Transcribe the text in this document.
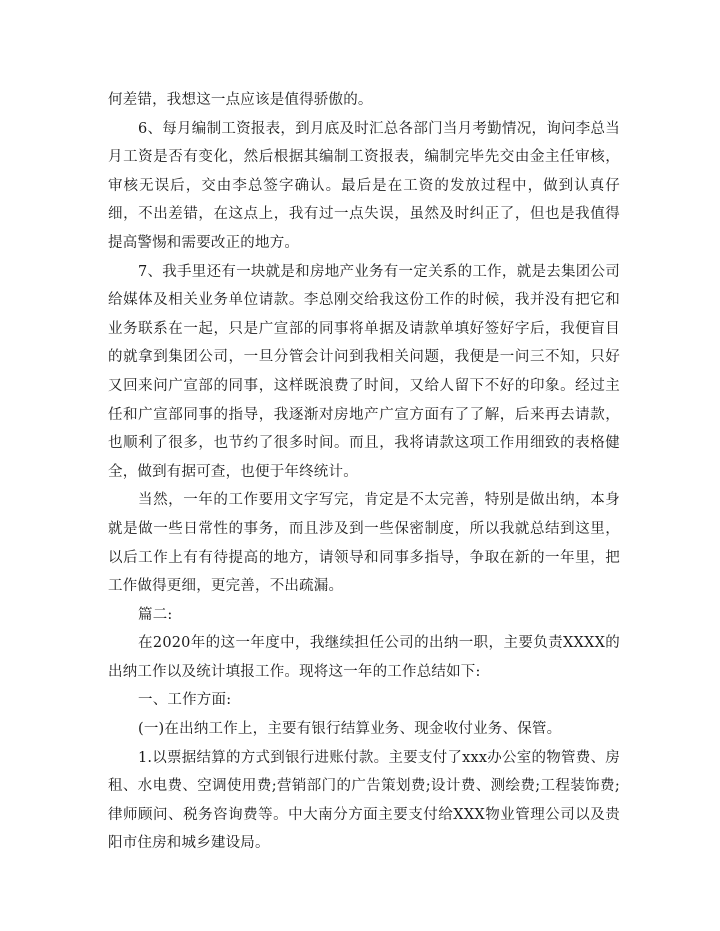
何差错，我想这一点应该是值得骄傲的。

6、每月编制工资报表，到月底及时汇总各部门当月考勤情况，询问李总当月工资是否有变化，然后根据其编制工资报表，编制完毕先交由金主任审核，审核无误后，交由李总签字确认。最后是在工资的发放过程中，做到认真仔细，不出差错，在这点上，我有过一点失误，虽然及时纠正了，但也是我值得提高警惕和需要改正的地方。

7、我手里还有一块就是和房地产业务有一定关系的工作，就是去集团公司给媒体及相关业务单位请款。李总刚交给我这份工作的时候，我并没有把它和业务联系在一起，只是广宣部的同事将单据及请款单填好签好字后，我便盲目的就拿到集团公司，一旦分管会计问到我相关问题，我便是一问三不知，只好又回来问广宣部的同事，这样既浪费了时间，又给人留下不好的印象。经过主任和广宣部同事的指导，我逐渐对房地产广宣方面有了了解，后来再去请款，也顺利了很多，也节约了很多时间。而且，我将请款这项工作用细致的表格健全，做到有据可查，也便于年终统计。

当然，一年的工作要用文字写完，肯定是不太完善，特别是做出纳，本身就是做一些日常性的事务，而且涉及到一些保密制度，所以我就总结到这里，以后工作上有有待提高的地方，请领导和同事多指导，争取在新的一年里，把工作做得更细，更完善，不出疏漏。

篇二:

在2020年的这一年度中，我继续担任公司的出纳一职，主要负责XXXX的出纳工作以及统计填报工作。现将这一年的工作总结如下:

一、工作方面:

(一)在出纳工作上，主要有银行结算业务、现金收付业务、保管。

1.以票据结算的方式到银行进账付款。主要支付了xxx办公室的物管费、房租、水电费、空调使用费;营销部门的广告策划费;设计费、测绘费;工程装饰费;律师顾问、税务咨询费等。中大南分方面主要支付给XXX物业管理公司以及贵阳市住房和城乡建设局。
